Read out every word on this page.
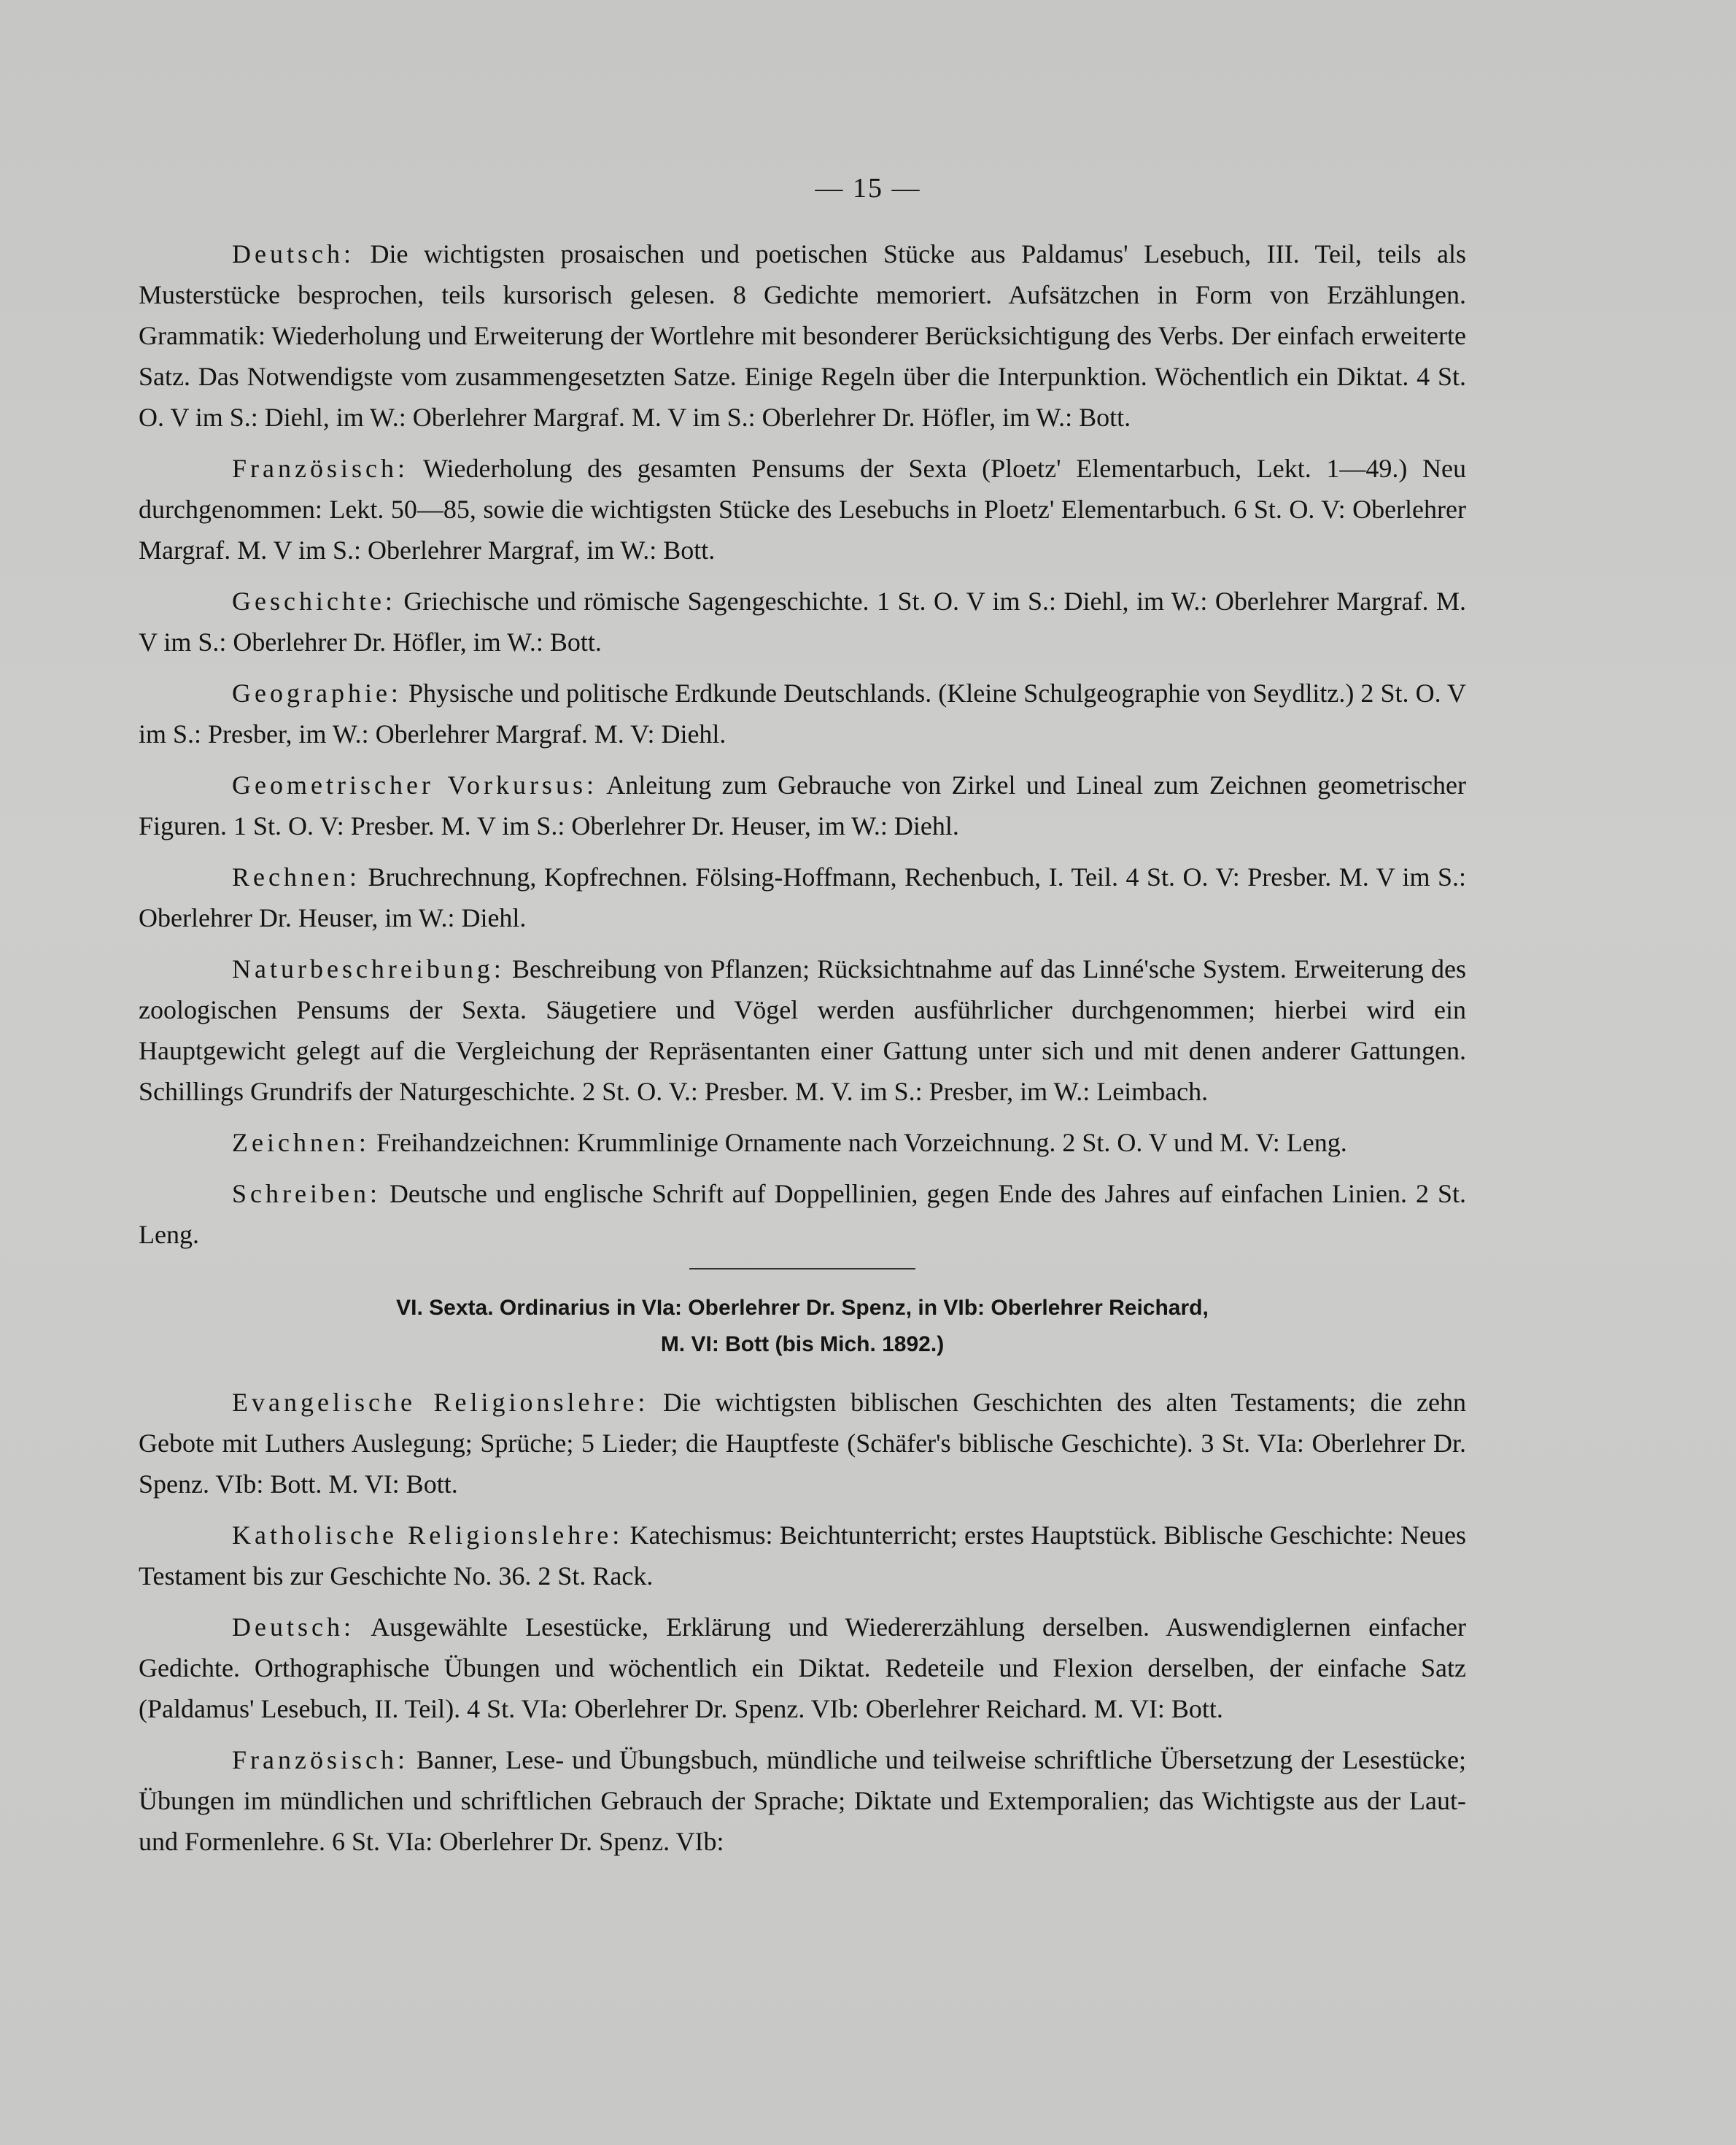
— 15 —

Deutsch: Die wichtigsten prosaischen und poetischen Stücke aus Paldamus' Lesebuch, III. Teil, teils als Musterstücke besprochen, teils kursorisch gelesen. 8 Gedichte memoriert. Aufsätzchen in Form von Erzählungen. Grammatik: Wiederholung und Erweiterung der Wortlehre mit besonderer Berücksichtigung des Verbs. Der einfach erweiterte Satz. Das Notwendigste vom zusammengesetzten Satze. Einige Regeln über die Interpunktion. Wöchentlich ein Diktat. 4 St. O. V im S.: Diehl, im W.: Oberlehrer Margraf. M. V im S.: Oberlehrer Dr. Höfler, im W.: Bott.

Französisch: Wiederholung des gesamten Pensums der Sexta (Ploetz' Elementarbuch, Lekt. 1—49.) Neu durchgenommen: Lekt. 50—85, sowie die wichtigsten Stücke des Lesebuchs in Ploetz' Elementarbuch. 6 St. O. V: Oberlehrer Margraf. M. V im S.: Oberlehrer Margraf, im W.: Bott.

Geschichte: Griechische und römische Sagengeschichte. 1 St. O. V im S.: Diehl, im W.: Oberlehrer Margraf. M. V im S.: Oberlehrer Dr. Höfler, im W.: Bott.

Geographie: Physische und politische Erdkunde Deutschlands. (Kleine Schulgeographie von Seydlitz.) 2 St. O. V im S.: Presber, im W.: Oberlehrer Margraf. M. V: Diehl.

Geometrischer Vorkursus: Anleitung zum Gebrauche von Zirkel und Lineal zum Zeichnen geometrischer Figuren. 1 St. O. V: Presber. M. V im S.: Oberlehrer Dr. Heuser, im W.: Diehl.

Rechnen: Bruchrechnung, Kopfrechnen. Fölsing-Hoffmann, Rechenbuch, I. Teil. 4 St. O. V: Presber. M. V im S.: Oberlehrer Dr. Heuser, im W.: Diehl.

Naturbeschreibung: Beschreibung von Pflanzen; Rücksichtnahme auf das Linné'sche System. Erweiterung des zoologischen Pensums der Sexta. Säugetiere und Vögel werden ausführlicher durchgenommen; hierbei wird ein Hauptgewicht gelegt auf die Vergleichung der Repräsentanten einer Gattung unter sich und mit denen anderer Gattungen. Schillings Grundrifs der Naturgeschichte. 2 St. O. V.: Presber. M. V. im S.: Presber, im W.: Leimbach.

Zeichnen: Freihandzeichnen: Krummlinige Ornamente nach Vorzeichnung. 2 St. O. V und M. V: Leng.

Schreiben: Deutsche und englische Schrift auf Doppellinien, gegen Ende des Jahres auf einfachen Linien. 2 St. Leng.

VI. Sexta. Ordinarius in VIa: Oberlehrer Dr. Spenz, in VIb: Oberlehrer Reichard,
M. VI: Bott (bis Mich. 1892.)

Evangelische Religionslehre: Die wichtigsten biblischen Geschichten des alten Testaments; die zehn Gebote mit Luthers Auslegung; Sprüche; 5 Lieder; die Hauptfeste (Schäfer's biblische Geschichte). 3 St. VIa: Oberlehrer Dr. Spenz. VIb: Bott. M. VI: Bott.

Katholische Religionslehre: Katechismus: Beichtunterricht; erstes Hauptstück. Biblische Geschichte: Neues Testament bis zur Geschichte No. 36. 2 St. Rack.

Deutsch: Ausgewählte Lesestücke, Erklärung und Wiedererzählung derselben. Auswendiglernen einfacher Gedichte. Orthographische Übungen und wöchentlich ein Diktat. Redeteile und Flexion derselben, der einfache Satz (Paldamus' Lesebuch, II. Teil). 4 St. VIa: Oberlehrer Dr. Spenz. VIb: Oberlehrer Reichard. M. VI: Bott.

Französisch: Banner, Lese- und Übungsbuch, mündliche und teilweise schriftliche Übersetzung der Lesestücke; Übungen im mündlichen und schriftlichen Gebrauch der Sprache; Diktate und Extemporalien; das Wichtigste aus der Laut- und Formenlehre. 6 St. VIa: Oberlehrer Dr. Spenz. VIb:
